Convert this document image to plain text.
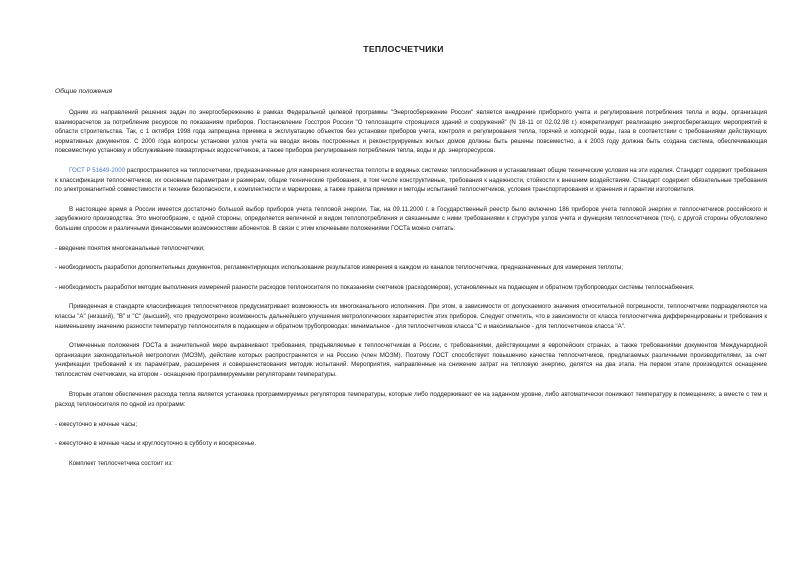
ТЕПЛОСЧЕТЧИКИ
Общие положения

Одним из направлений решения задач по энергосбережению в рамках Федеральной целевой программы "Энергосбережение России" является внедрение приборного учета и регулирования потребления тепла и воды, организация взаиморасчетов за потребление ресурсов по показаниям приборов. Постановление Госстроя России "О теплозащите строящихся зданий и сооружений" (N 18-11 от 02.02.98 г.) конкретизирует реализацию энергосберегающих мероприятий в области строительства. Так, с 1 октября 1998 года запрещена приемка в эксплуатацию объектов без установки приборов учета, контроля и регулирования тепла, горячей и холодной воды, газа в соответствии с требованиями действующих нормативных документов. С 2000 года вопросы установки узлов учета на вводах вновь построенных и реконструируемых жилых домов должны быть решены повсеместно, а к 2003 году должна быть создана система, обеспечивающая повсеместную установку и обслуживание поквартирных водосчетчиков, а также приборов регулирования потребления тепла, воды и др. энергоресурсов.

ГОСТ Р 51649-2000 распространяется на теплосчетчики, предназначенные для измерения количества теплоты в водяных системах теплоснабжения и устанавливает общие технические условия на эти изделия. Стандарт содержит требования к классификации теплосчетчиков, их основным параметрам и размерам, общие технические требования, в том числе конструктивные, требования к надежности, стойкости к внешним воздействиям. Стандарт содержит обязательные требования по электромагнитной совместимости и технике безопасности, к комплектности и маркировке, а также правила приемки и методы испытаний теплосчетчиков, условия транспортирования и хранения и гарантии изготовителя.

В настоящее время в России имеется достаточно большой выбор приборов учета тепловой энергии. Так, на 09.11.2000 г. в Государственный реестр было включено 186 приборов учета тепловой энергии и теплосчетчиков российского и зарубежного производства. Это многообразие, с одной стороны, определяется величиной и видом теплопотребления и связанными с ними требованиями к структуре узлов учета и функциям теплосчетчиков (тсч), с другой стороны обусловлено большим спросом и различными финансовыми возможностями абонентов. В связи с этим ключевыми положениями ГОСТа можно считать:

- введение понятия многоканальные теплосчетчики;

- необходимость разработки дополнительных документов, регламентирующих использование результатов измерения в каждом из каналов теплосчетчика, предназначенных для измерения теплоты;

- необходимость разработки методик выполнения измерений разности расходов теплоносителя по показаниям счетчиков (расходомеров), установленных на подающем и обратном трубопроводах системы теплоснабжения.

Приведенная в стандарте классификация теплосчетчиков предусматривает возможность их многоканального исполнения. При этом, в зависимости от допускаемого значения относительной погрешности, теплосчетчики подразделяются на классы "А" (низший), "В" и "С" (высший), что предусмотрено возможность дальнейшего улучшения метрологических характеристик этих приборов. Следует отметить, что в зависимости от класса теплосчетчика дифференцированы и требования к наименьшему значению разности температур теплоносителя в подающем и обратном трубопроводах: минимальное - для теплосчетчиков класса "С и максимальное - для теплосчетчиков класса "А".

Отмеченные положения ГОСТа в значительной мере выравнивают требования, предъявляемые к теплосчетчикам в России, с требованиями, действующими в европейских странах, а также требованиями документов Международной организации законодательной метрологии (МОЗМ), действие которых распространяется и на Россию (член МОЗМ). Поэтому ГОСТ способствует повышению качества теплосчетчиков, предлагаемых различными производителями, за счет унификации требований к их параметрам, расширения и совершенствования методик испытаний. Мероприятия, направленные на снижение затрат на тепловую энергию, делятся на два этапа. На первом этапе производится оснащение теплосистем счетчиками, на втором - оснащение программируемыми регуляторами температуры.

Вторым этапом обеспечения расхода тепла является установка программируемых регуляторов температуры, которые либо поддерживают ее на заданном уровне, либо автоматически понижают температуру в помещениях, а вместе с тем и расход теплоносителя по одной из программ:

- ежесуточно в ночные часы;

- ежесуточно в ночные часы и круглосуточно в субботу и воскресенье.

Комплект теплосчетчика состоит из:
